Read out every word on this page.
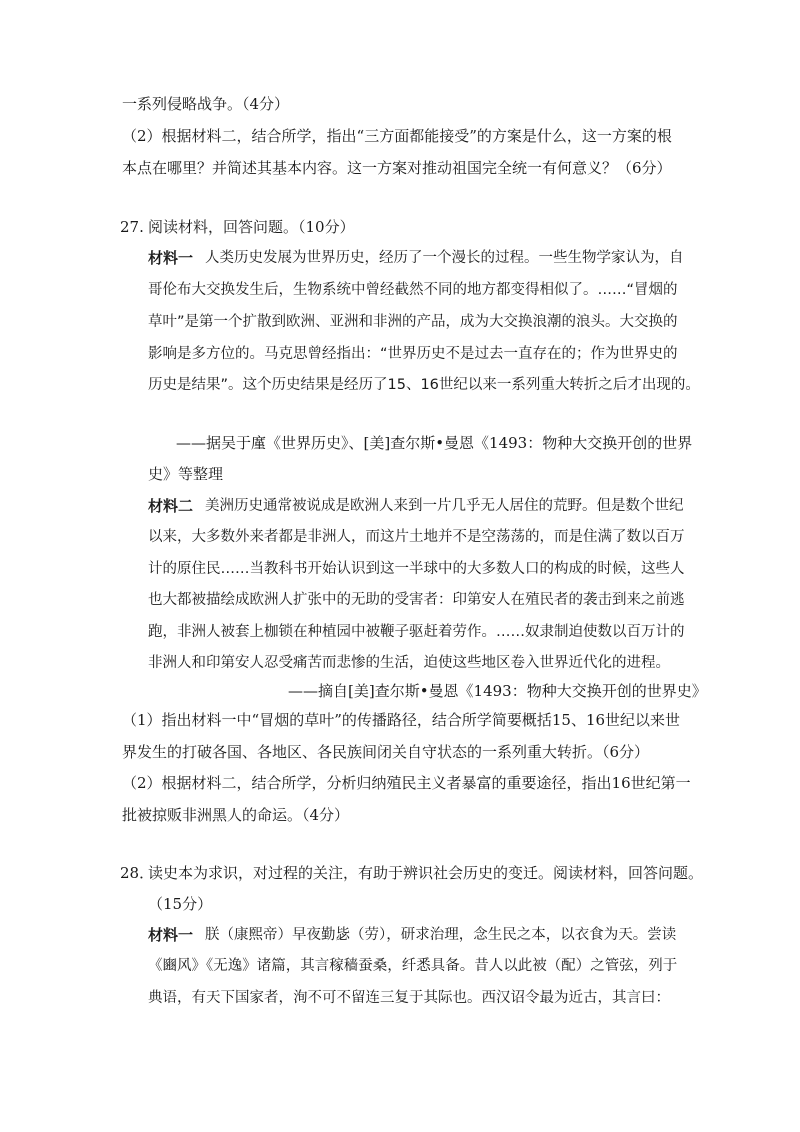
一系列侵略战争。（4分）
（2）根据材料二，结合所学，指出“三方面都能接受”的方案是什么，这一方案的根
本点在哪里？并简述其基本内容。这一方案对推动祖国完全统一有何意义？（6分）
27. 阅读材料，回答问题。（10分）
材料一 人类历史发展为世界历史，经历了一个漫长的过程。一些生物学家认为，自
哥伦布大交换发生后，生物系统中曾经截然不同的地方都变得相似了。……“冒烟的
草叶”是第一个扩散到欧洲、亚洲和非洲的产品，成为大交换浪潮的浪头。大交换的
影响是多方位的。马克思曾经指出：“世界历史不是过去一直存在的；作为世界史的
历史是结果”。这个历史结果是经历了15、16世纪以来一系列重大转折之后才出现的。
——据吴于廑《世界历史》、[美]查尔斯•曼恩《1493：物种大交换开创的世界
史》等整理
材料二 美洲历史通常被说成是欧洲人来到一片几乎无人居住的荒野。但是数个世纪
以来，大多数外来者都是非洲人，而这片土地并不是空荡荡的，而是住满了数以百万
计的原住民……当教科书开始认识到这一半球中的大多数人口的构成的时候，这些人
也大都被描绘成欧洲人扩张中的无助的受害者：印第安人在殖民者的袭击到来之前逃
跑，非洲人被套上枷锁在种植园中被鞭子驱赶着劳作。……奴隶制迫使数以百万计的
非洲人和印第安人忍受痛苦而悲惨的生活，迫使这些地区卷入世界近代化的进程。
——摘自[美]查尔斯•曼恩《1493：物种大交换开创的世界史》
（1）指出材料一中“冒烟的草叶”的传播路径，结合所学简要概括15、16世纪以来世
界发生的打破各国、各地区、各民族间闭关自守状态的一系列重大转折。（6分）
（2）根据材料二，结合所学，分析归纳殖民主义者暴富的重要途径，指出16世纪第一
批被掠贩非洲黑人的命运。（4分）
28．
读史本为求识，对过程的关注，有助于辨识社会历史的变迁。阅读材料，回答问题。
（15分）
材料一 朕（康熙帝）早夜勤毖（劳），研求治理，念生民之本，以衣食为天。尝读
《豳风》《无逸》诸篇，其言稼穑蚕桑，纤悉具备。昔人以此被（配）之管弦，列于
典语，有天下国家者，洵不可不留连三复于其际也。西汉诏令最为近古，其言曰：
